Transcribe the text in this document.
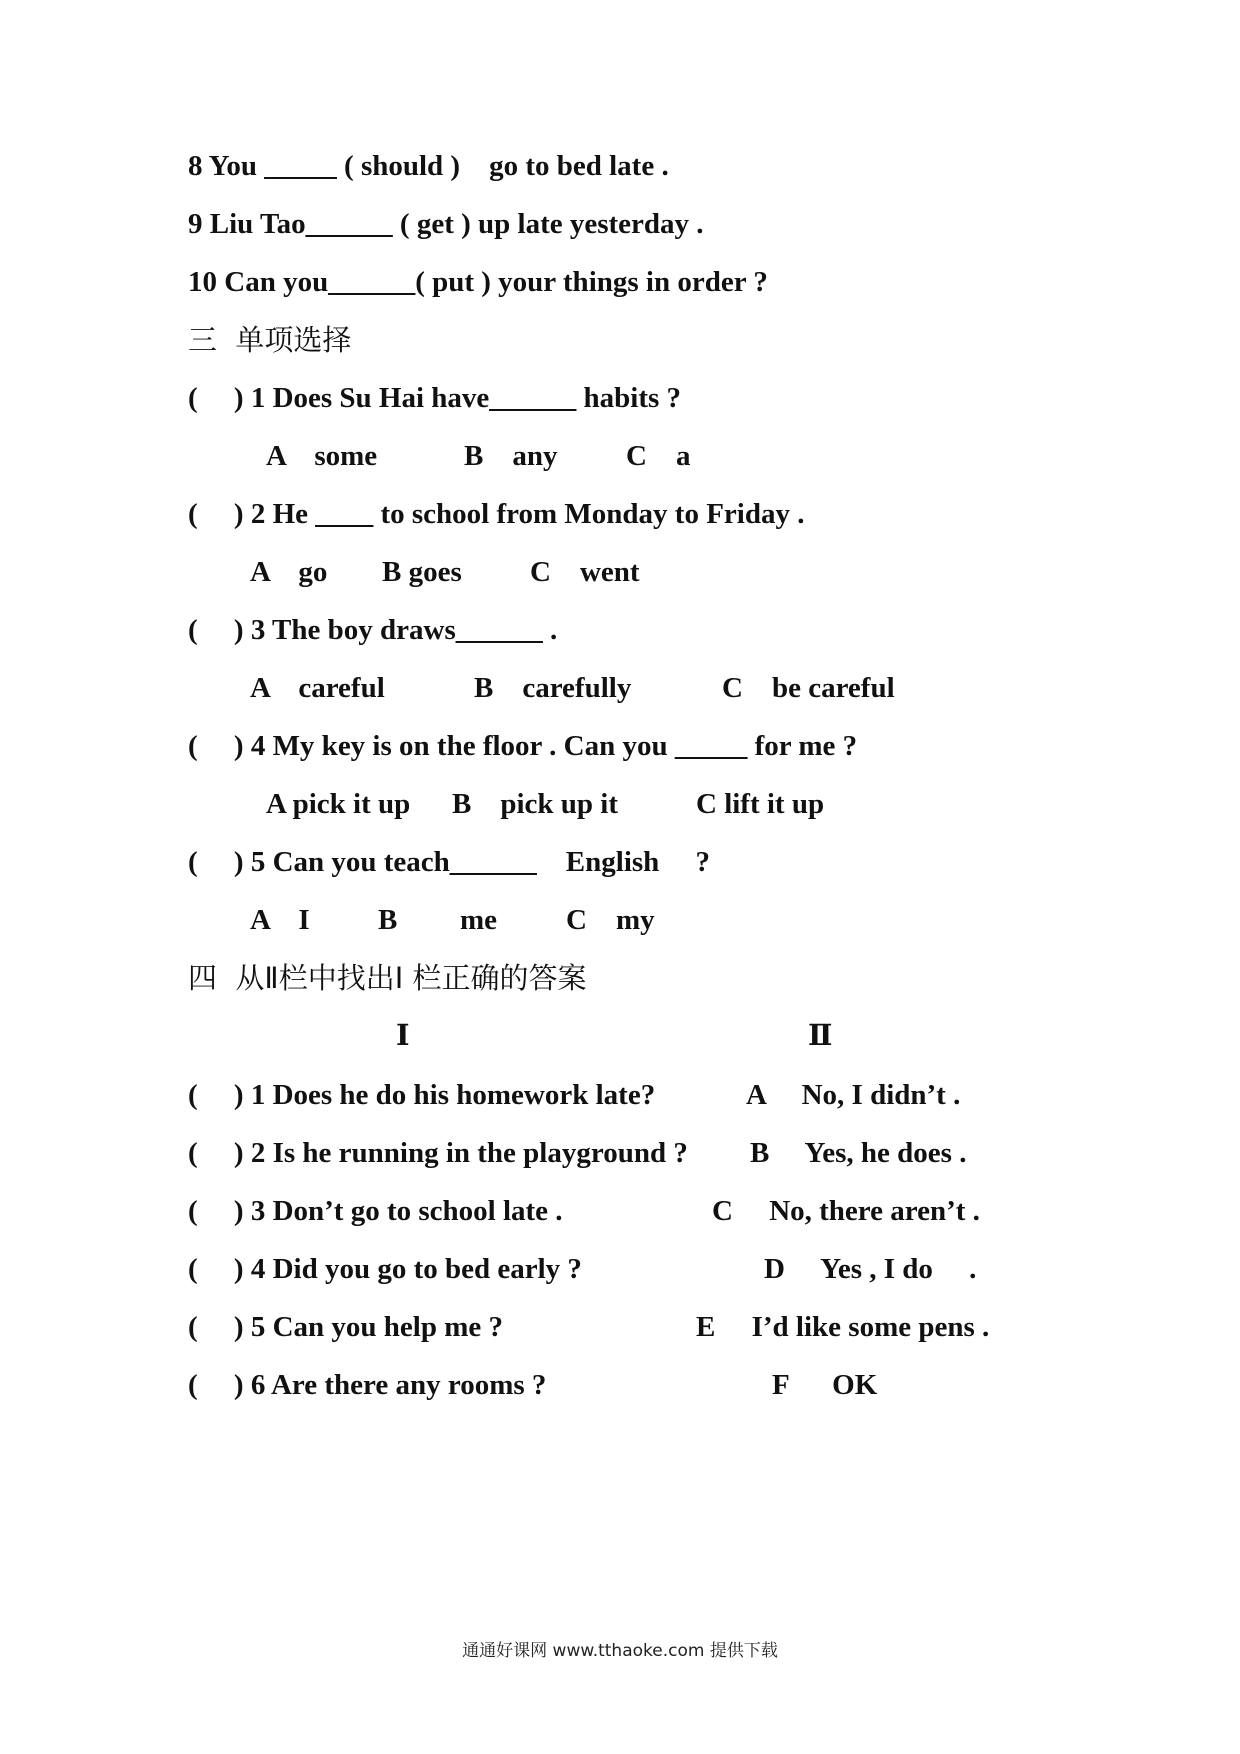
8 You _____ ( should )    go to bed late .
9 Liu Tao______ ( get ) up late yesterday .
10 Can you______( put ) your things in order ?
三  单项选择
(     ) 1 Does Su Hai have______ habits ?
A    some	B    any C    a
(     ) 2 He ____ to school from Monday to Friday .
A    go B goes C    went
(     ) 3 The boy draws______ .
A    careful	B    carefully	C    be careful
(     ) 4 My key is on the floor . Can you _____ for me ?
A pick it up B    pick up it	C lift it up
(     ) 5 Can you teach______    English     ?
A    I B me C    my
四  从Ⅱ栏中找出Ⅰ 栏正确的答案
Ⅰ	Ⅱ
(     ) 1 Does he do his homework late?	A     No, I didn’t .
(     ) 2 Is he running in the playground ? B     Yes, he does .
(     ) 3 Don’t go to school late .	C     No, there aren’t .
(     ) 4 Did you go to bed early ?	D     Yes , I do     .
(     ) 5 Can you help me ?	E     I’d like some pens .
(     ) 6 Are there any rooms ?	F      OK
通通好课网 www.tthaoke.com 提供下载
